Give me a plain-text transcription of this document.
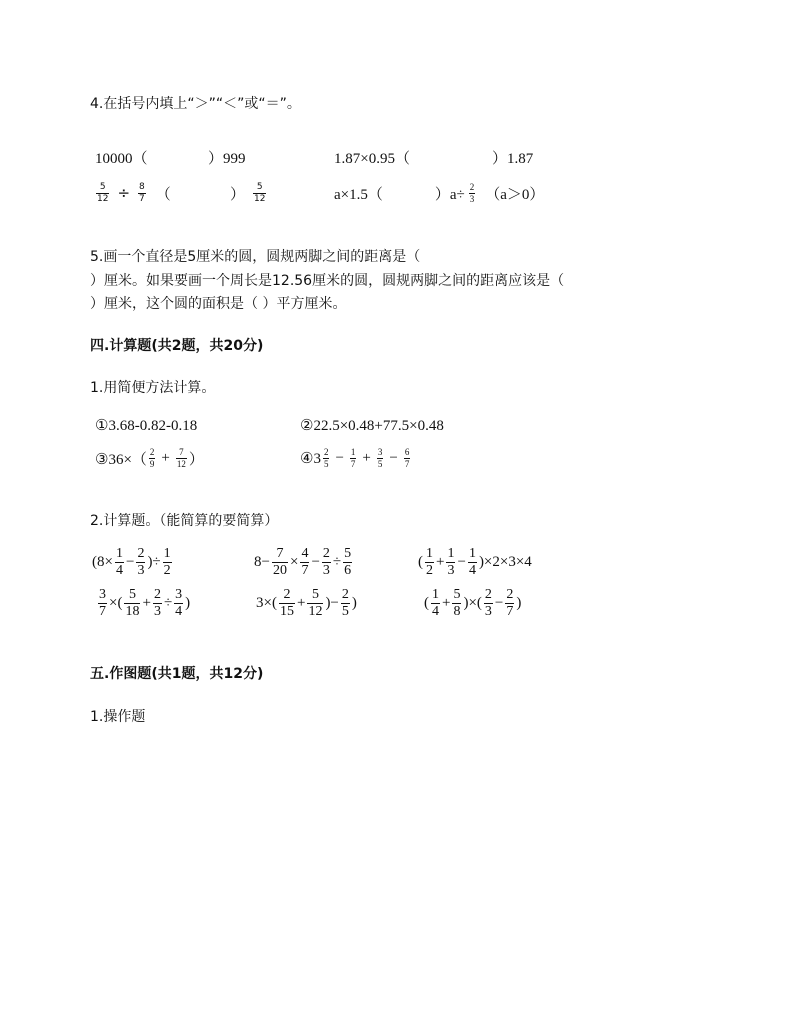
4.在括号内填上“＞”“＜”或“＝”。
10000（	）999	1.87×0.95（	）1.87
$\frac{5}{12} \div \frac{8}{7}$ （	） $\frac{5}{12}$	a×1.5（	）$a\div \frac{2}{3} (a>0)$
5.画一个直径是5厘米的圆，圆规两脚之间的距离是（
）厘米。如果要画一个周长是12.56厘米的圆，圆规两脚之间的距离应该是（
）厘米，这个圆的面积是（ ）平方厘米。
四.计算题(共2题，共20分)
1.用简便方法计算。
①3.68-0.82-0.18	②22.5×0.48+77.5×0.48
③36×（ $\frac{2}{9} + \frac{7}{12}$ ）	④3 $\frac{2}{5} - \frac{1}{7} + \frac{3}{5} - \frac{6}{7}$
2.计算题。（能简算的要简算）
($8\times \frac{1}{4} - \frac{2}{3}$ )÷ $\frac{1}{2}$	$8- \frac{7}{20} \times \frac{4}{7} - \frac{2}{3} \div \frac{5}{6}$	( $\frac{1}{2} + \frac{1}{3} - \frac{1}{4} )\times 2\times 3\times 4$
$\frac{3}{7}$ ×( $\frac{5}{18} + \frac{2}{3} \div \frac{3}{4}$ )	$3\times( \frac{2}{15} + \frac{5}{12}$ )− $\frac{2}{5}$ )	( $\frac{1}{4} + \frac{5}{8}$ )×( $\frac{2}{3} - \frac{2}{7}$ )
五.作图题(共1题，共12分)
1.操作题
